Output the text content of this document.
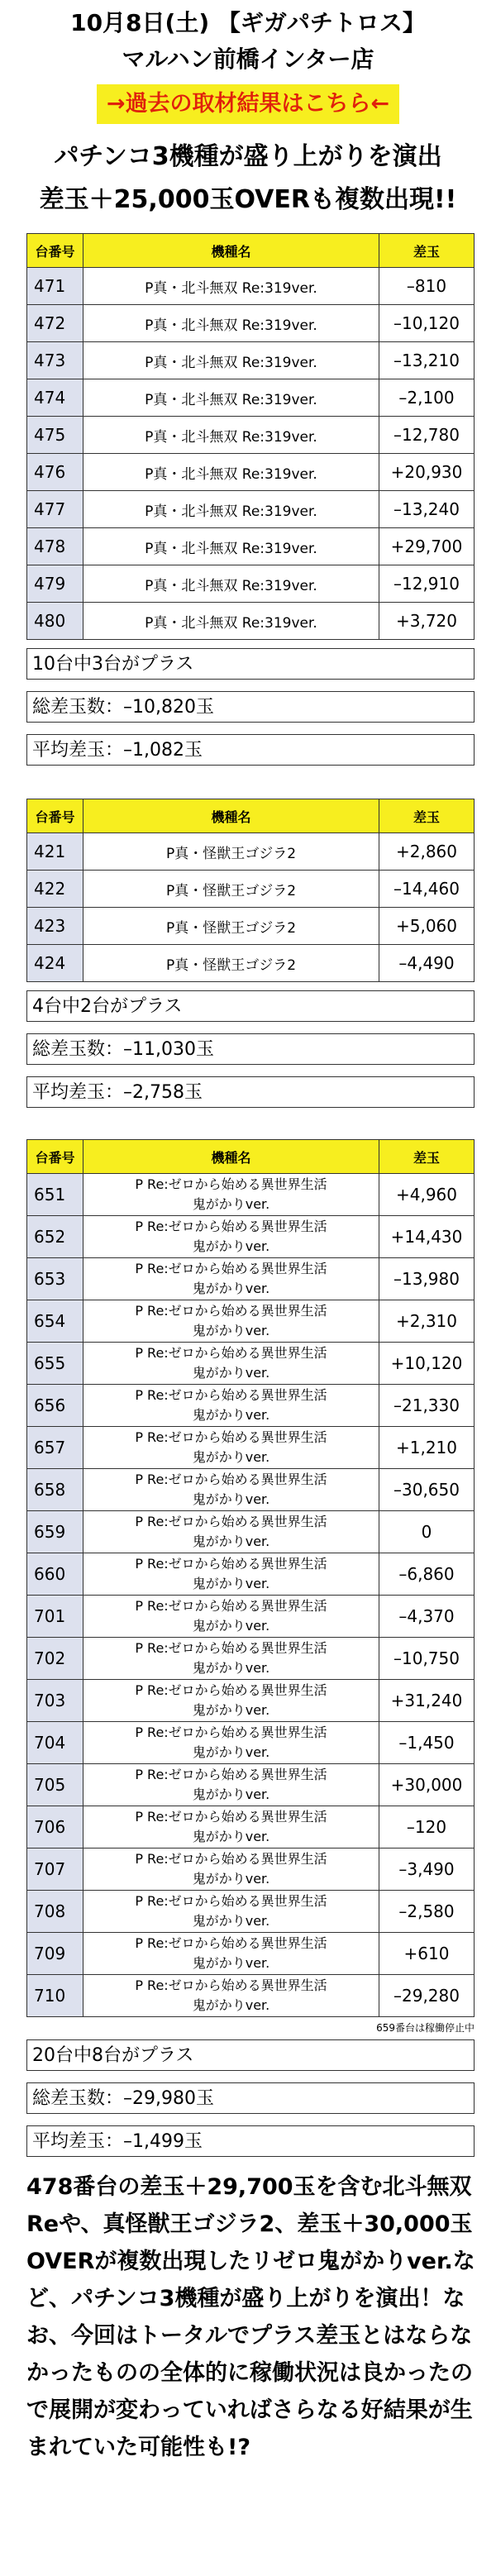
10月8日(土) 【ギガパチトロス】
マルハン前橋インター店
→過去の取材結果はこちら←
パチンコ3機種が盛り上がりを演出
差玉＋25,000玉OVERも複数出現!!
台番号	機種名	差玉
471	P真・北斗無双 Re:319ver.	–810
472	P真・北斗無双 Re:319ver.	–10,120
473	P真・北斗無双 Re:319ver.	–13,210
474	P真・北斗無双 Re:319ver.	–2,100
475	P真・北斗無双 Re:319ver.	–12,780
476	P真・北斗無双 Re:319ver.	+20,930
477	P真・北斗無双 Re:319ver.	–13,240
478	P真・北斗無双 Re:319ver.	+29,700
479	P真・北斗無双 Re:319ver.	–12,910
480	P真・北斗無双 Re:319ver.	+3,720
10台中3台がプラス
総差玉数：–10,820玉
平均差玉：–1,082玉
台番号	機種名	差玉
421	P真・怪獣王ゴジラ2	+2,860
422	P真・怪獣王ゴジラ2	–14,460
423	P真・怪獣王ゴジラ2	+5,060
424	P真・怪獣王ゴジラ2	–4,490
4台中2台がプラス
総差玉数：–11,030玉
平均差玉：–2,758玉
台番号	機種名	差玉
651	P Re:ゼロから始める異世界生活
鬼がかりver.	+4,960
652	P Re:ゼロから始める異世界生活
鬼がかりver.	+14,430
653	P Re:ゼロから始める異世界生活
鬼がかりver.	–13,980
654	P Re:ゼロから始める異世界生活
鬼がかりver.	+2,310
655	P Re:ゼロから始める異世界生活
鬼がかりver.	+10,120
656	P Re:ゼロから始める異世界生活
鬼がかりver.	–21,330
657	P Re:ゼロから始める異世界生活
鬼がかりver.	+1,210
658	P Re:ゼロから始める異世界生活
鬼がかりver.	–30,650
659	P Re:ゼロから始める異世界生活
鬼がかりver.	0
660	P Re:ゼロから始める異世界生活
鬼がかりver.	–6,860
701	P Re:ゼロから始める異世界生活
鬼がかりver.	–4,370
702	P Re:ゼロから始める異世界生活
鬼がかりver.	–10,750
703	P Re:ゼロから始める異世界生活
鬼がかりver.	+31,240
704	P Re:ゼロから始める異世界生活
鬼がかりver.	–1,450
705	P Re:ゼロから始める異世界生活
鬼がかりver.	+30,000
706	P Re:ゼロから始める異世界生活
鬼がかりver.	–120
707	P Re:ゼロから始める異世界生活
鬼がかりver.	–3,490
708	P Re:ゼロから始める異世界生活
鬼がかりver.	–2,580
709	P Re:ゼロから始める異世界生活
鬼がかりver.	+610
710	P Re:ゼロから始める異世界生活
鬼がかりver.	–29,280
659番台は稼働停止中
20台中8台がプラス
総差玉数：–29,980玉
平均差玉：–1,499玉
478番台の差玉＋29,700玉を含む北斗無双Reや、真怪獣王ゴジラ2、差玉＋30,000玉OVERが複数出現したリゼロ鬼がかりver.など、パチンコ3機種が盛り上がりを演出！なお、今回はトータルでプラス差玉とはならなかったものの全体的に稼働状況は良かったので展開が変わっていればさらなる好結果が生まれていた可能性も!?
